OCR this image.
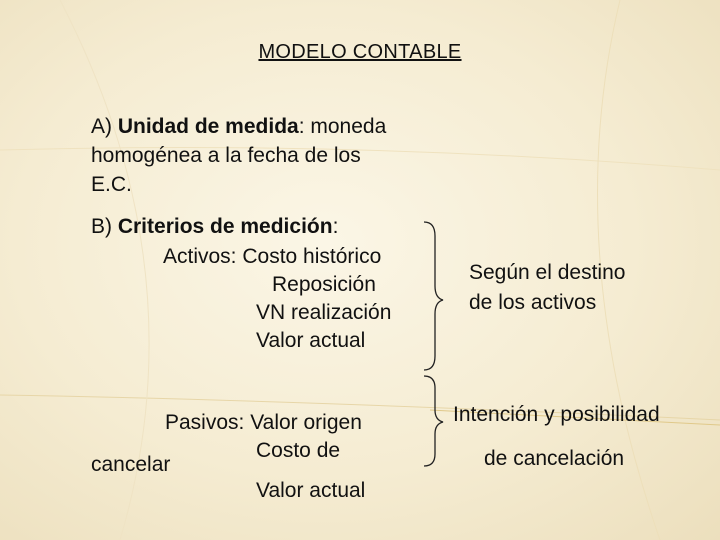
MODELO CONTABLE
A) Unidad de medida: moneda
homogénea a la fecha de los
E.C.
B) Criterios de medición:
Activos: Costo histórico
Reposición
VN realización
Valor actual
Pasivos: Valor origen
Costo de
cancelar
Valor actual
Según el destino
de los activos
Intención y posibilidad
de cancelación
